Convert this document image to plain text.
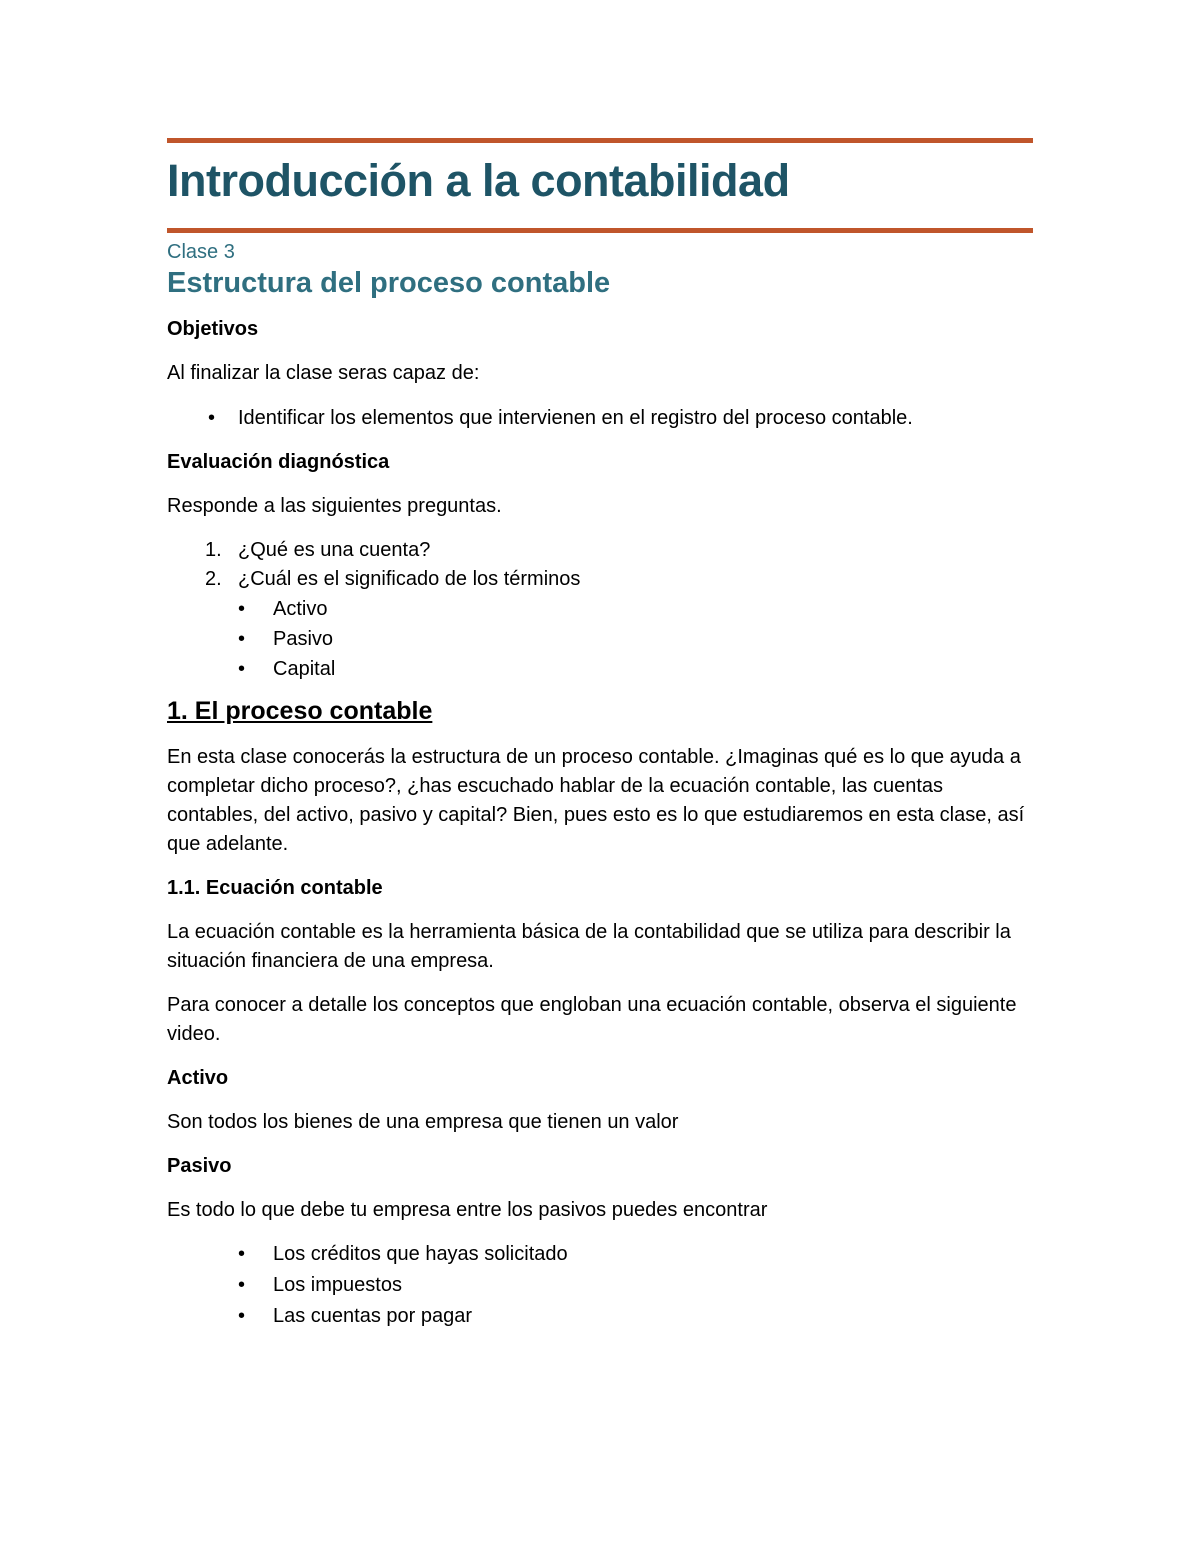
Introducción a la contabilidad
Clase 3
Estructura del proceso contable
Objetivos

Al finalizar la clase seras capaz de:

• Identificar los elementos que intervienen en el registro del proceso contable.
Evaluación diagnóstica

Responde a las siguientes preguntas.

¿Qué es una cuenta?
¿Cuál es el significado de los términos
• Activo
• Pasivo
• Capital
1. El proceso contable

En esta clase conocerás la estructura de un proceso contable. ¿Imaginas qué es lo que ayuda a completar dicho proceso?, ¿has escuchado hablar de la ecuación contable, las cuentas contables, del activo, pasivo y capital? Bien, pues esto es lo que estudiaremos en esta clase, así que adelante.

1.1. Ecuación contable

La ecuación contable es la herramienta básica de la contabilidad que se utiliza para describir la situación financiera de una empresa.

Para conocer a detalle los conceptos que engloban una ecuación contable, observa el siguiente video.

Activo

Son todos los bienes de una empresa que tienen un valor

Pasivo

Es todo lo que debe tu empresa entre los pasivos puedes encontrar

• Los créditos que hayas solicitado
• Los impuestos
• Las cuentas por pagar
